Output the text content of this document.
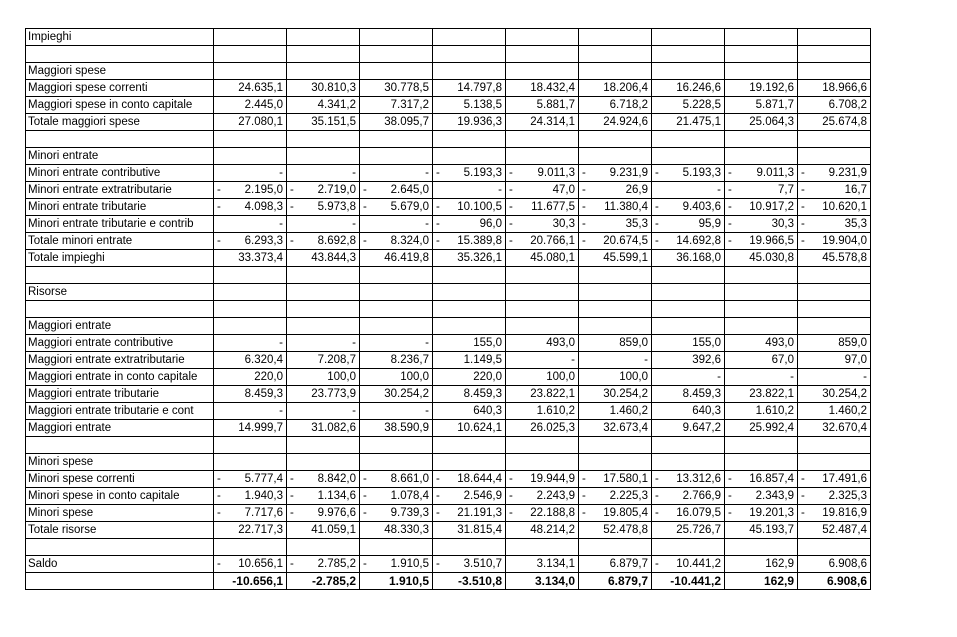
Impieghi									

Maggiori spese									
Maggiori spese correnti	24.635,1	30.810,3	30.778,5	14.797,8	18.432,4	18.206,4	16.246,6	19.192,6	18.966,6
Maggiori spese in conto capitale	2.445,0	4.341,2	7.317,2	5.138,5	5.881,7	6.718,2	5.228,5	5.871,7	6.708,2
Totale maggiori spese	27.080,1	35.151,5	38.095,7	19.936,3	24.314,1	24.924,6	21.475,1	25.064,3	25.674,8

Minori entrate									
Minori entrate contributive	-	-	-	- 5.193,3	- 9.011,3	- 9.231,9	- 5.193,3	- 9.011,3	- 9.231,9
Minori entrate extratributarie	- 2.195,0	- 2.719,0	- 2.645,0	-	- 47,0	- 26,9	-	- 7,7	- 16,7
Minori entrate tributarie	- 4.098,3	- 5.973,8	- 5.679,0	- 10.100,5	- 11.677,5	- 11.380,4	- 9.403,6	- 10.917,2	- 10.620,1
Minori entrate tributarie e contrib	-	-	-	- 96,0	- 30,3	- 35,3	- 95,9	- 30,3	- 35,3
Totale minori entrate	- 6.293,3	- 8.692,8	- 8.324,0	- 15.389,8	- 20.766,1	- 20.674,5	- 14.692,8	- 19.966,5	- 19.904,0
Totale impieghi	33.373,4	43.844,3	46.419,8	35.326,1	45.080,1	45.599,1	36.168,0	45.030,8	45.578,8

Risorse									

Maggiori entrate									
Maggiori entrate contributive	-	-	-	155,0	493,0	859,0	155,0	493,0	859,0
Maggiori entrate extratributarie	6.320,4	7.208,7	8.236,7	1.149,5	-	-	392,6	67,0	97,0
Maggiori entrate in conto capitale	220,0	100,0	100,0	220,0	100,0	100,0	-	-	-
Maggiori entrate tributarie	8.459,3	23.773,9	30.254,2	8.459,3	23.822,1	30.254,2	8.459,3	23.822,1	30.254,2
Maggiori entrate tributarie e cont	-	-	-	640,3	1.610,2	1.460,2	640,3	1.610,2	1.460,2
Maggiori entrate	14.999,7	31.082,6	38.590,9	10.624,1	26.025,3	32.673,4	9.647,2	25.992,4	32.670,4

Minori spese									
Minori spese correnti	- 5.777,4	- 8.842,0	- 8.661,0	- 18.644,4	- 19.944,9	- 17.580,1	- 13.312,6	- 16.857,4	- 17.491,6
Minori spese in conto capitale	- 1.940,3	- 1.134,6	- 1.078,4	- 2.546,9	- 2.243,9	- 2.225,3	- 2.766,9	- 2.343,9	- 2.325,3
Minori spese	- 7.717,6	- 9.976,6	- 9.739,3	- 21.191,3	- 22.188,8	- 19.805,4	- 16.079,5	- 19.201,3	- 19.816,9
Totale risorse	22.717,3	41.059,1	48.330,3	31.815,4	48.214,2	52.478,8	25.726,7	45.193,7	52.487,4

Saldo	- 10.656,1	- 2.785,2	- 1.910,5	- 3.510,7	3.134,1	6.879,7	- 10.441,2	162,9	6.908,6
	-10.656,1	-2.785,2	1.910,5	-3.510,8	3.134,0	6.879,7	-10.441,2	162,9	6.908,6
